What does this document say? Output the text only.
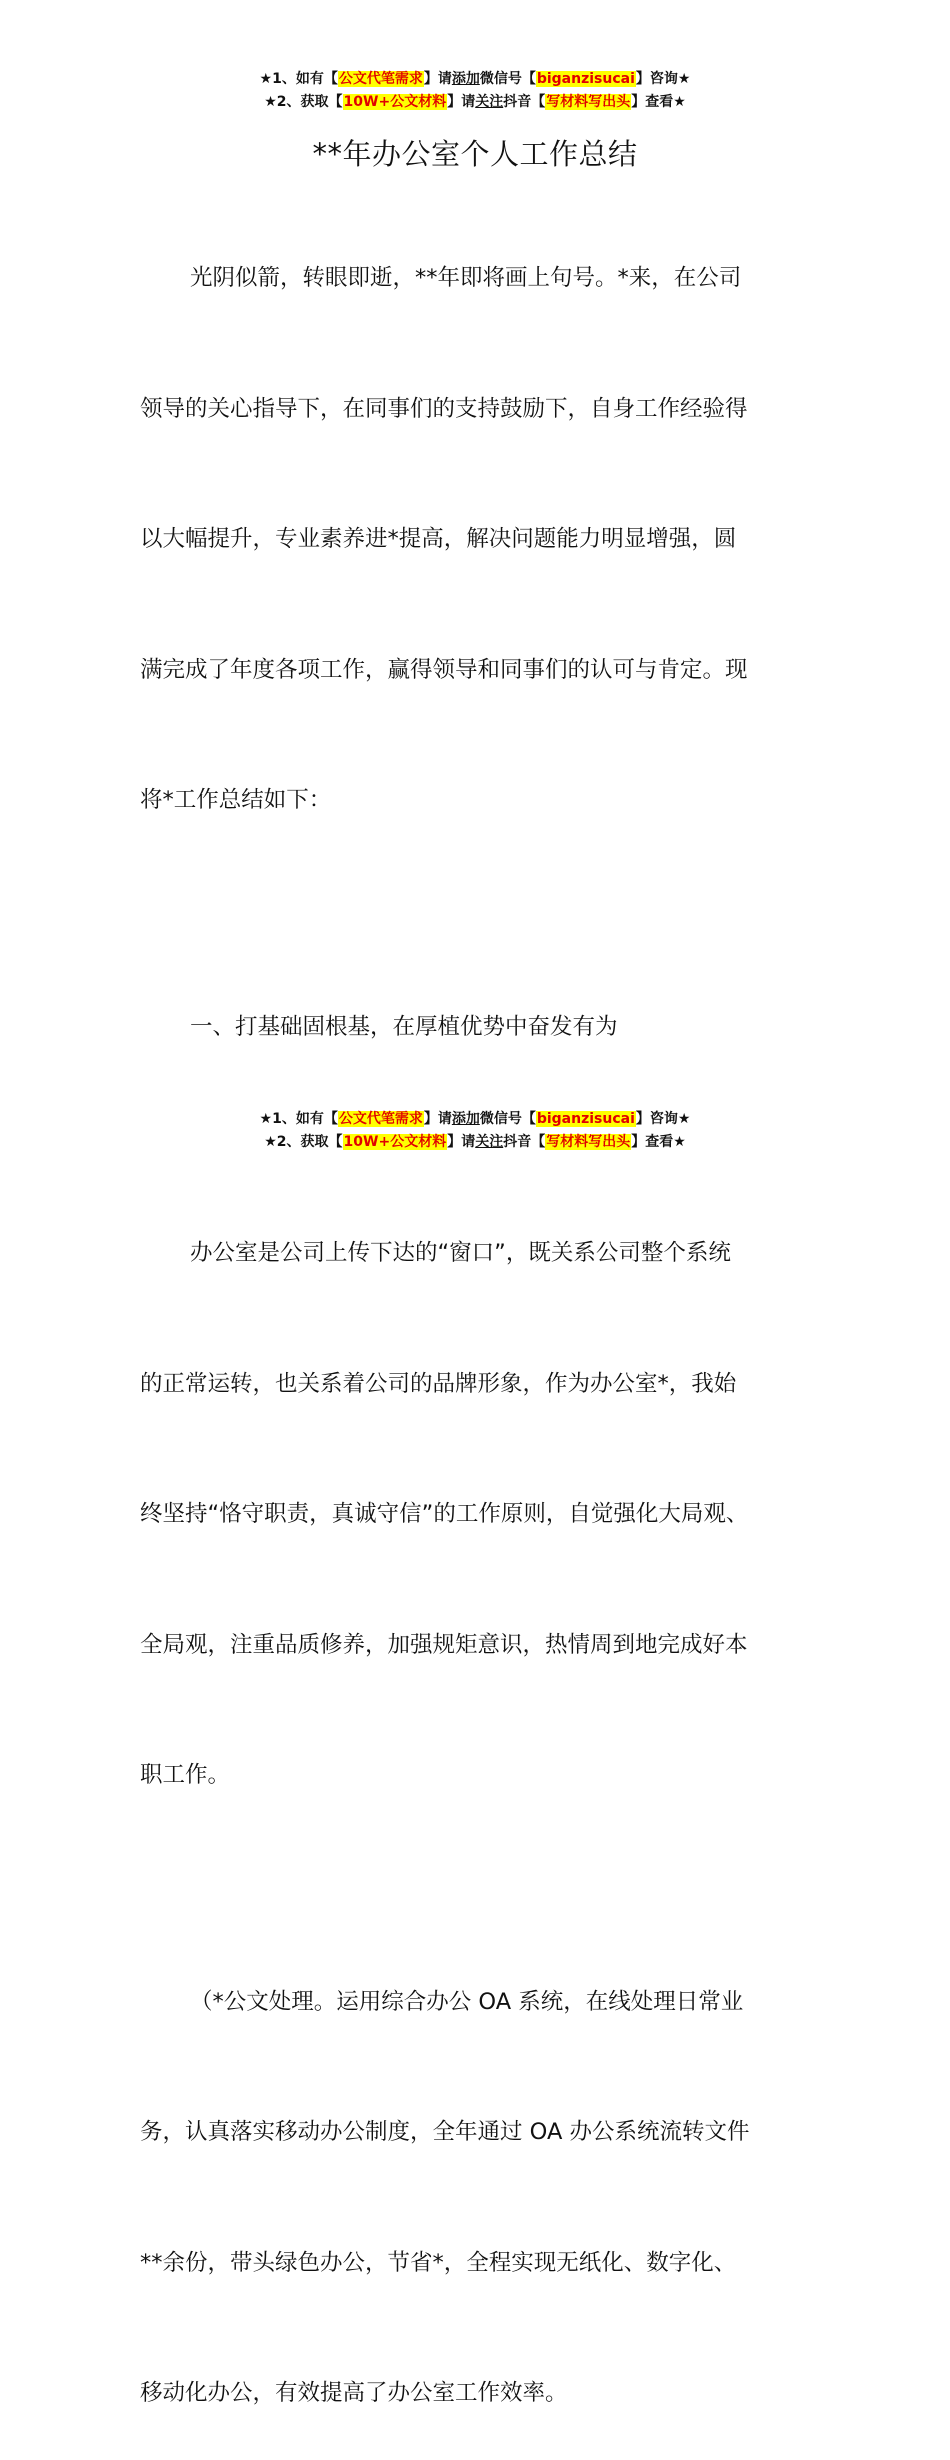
★1、如有【公文代笔需求】请添加微信号【biganzisucai】咨询★
★2、获取【10W+公文材料】请关注抖音【写材料写出头】查看★
**年办公室个人工作总结

光阴似箭，转眼即逝，**年即将画上句号。*来，在公司

领导的关心指导下，在同事们的支持鼓励下，自身工作经验得

以大幅提升，专业素养进*提高，解决问题能力明显增强，圆

满完成了年度各项工作，赢得领导和同事们的认可与肯定。现

将*工作总结如下：

一、打基础固根基，在厚植优势中奋发有为

办公室是公司上传下达的“窗口”，既关系公司整个系统

的正常运转，也关系着公司的品牌形象，作为办公室*，我始

终坚持“恪守职责，真诚守信”的工作原则，自觉强化大局观、

全局观，注重品质修养，加强规矩意识，热情周到地完成好本

职工作。

（*公文处理。运用综合办公 OA 系统，在线处理日常业

务，认真落实移动办公制度，全年通过 OA 办公系统流转文件

**余份，带头绿色办公，节省*，全程实现无纸化、数字化、

移动化办公，有效提高了办公室工作效率。

★1、如有【公文代笔需求】请添加微信号【biganzisucai】咨询★
★2、获取【10W+公文材料】请关注抖音【写材料写出头】查看★
